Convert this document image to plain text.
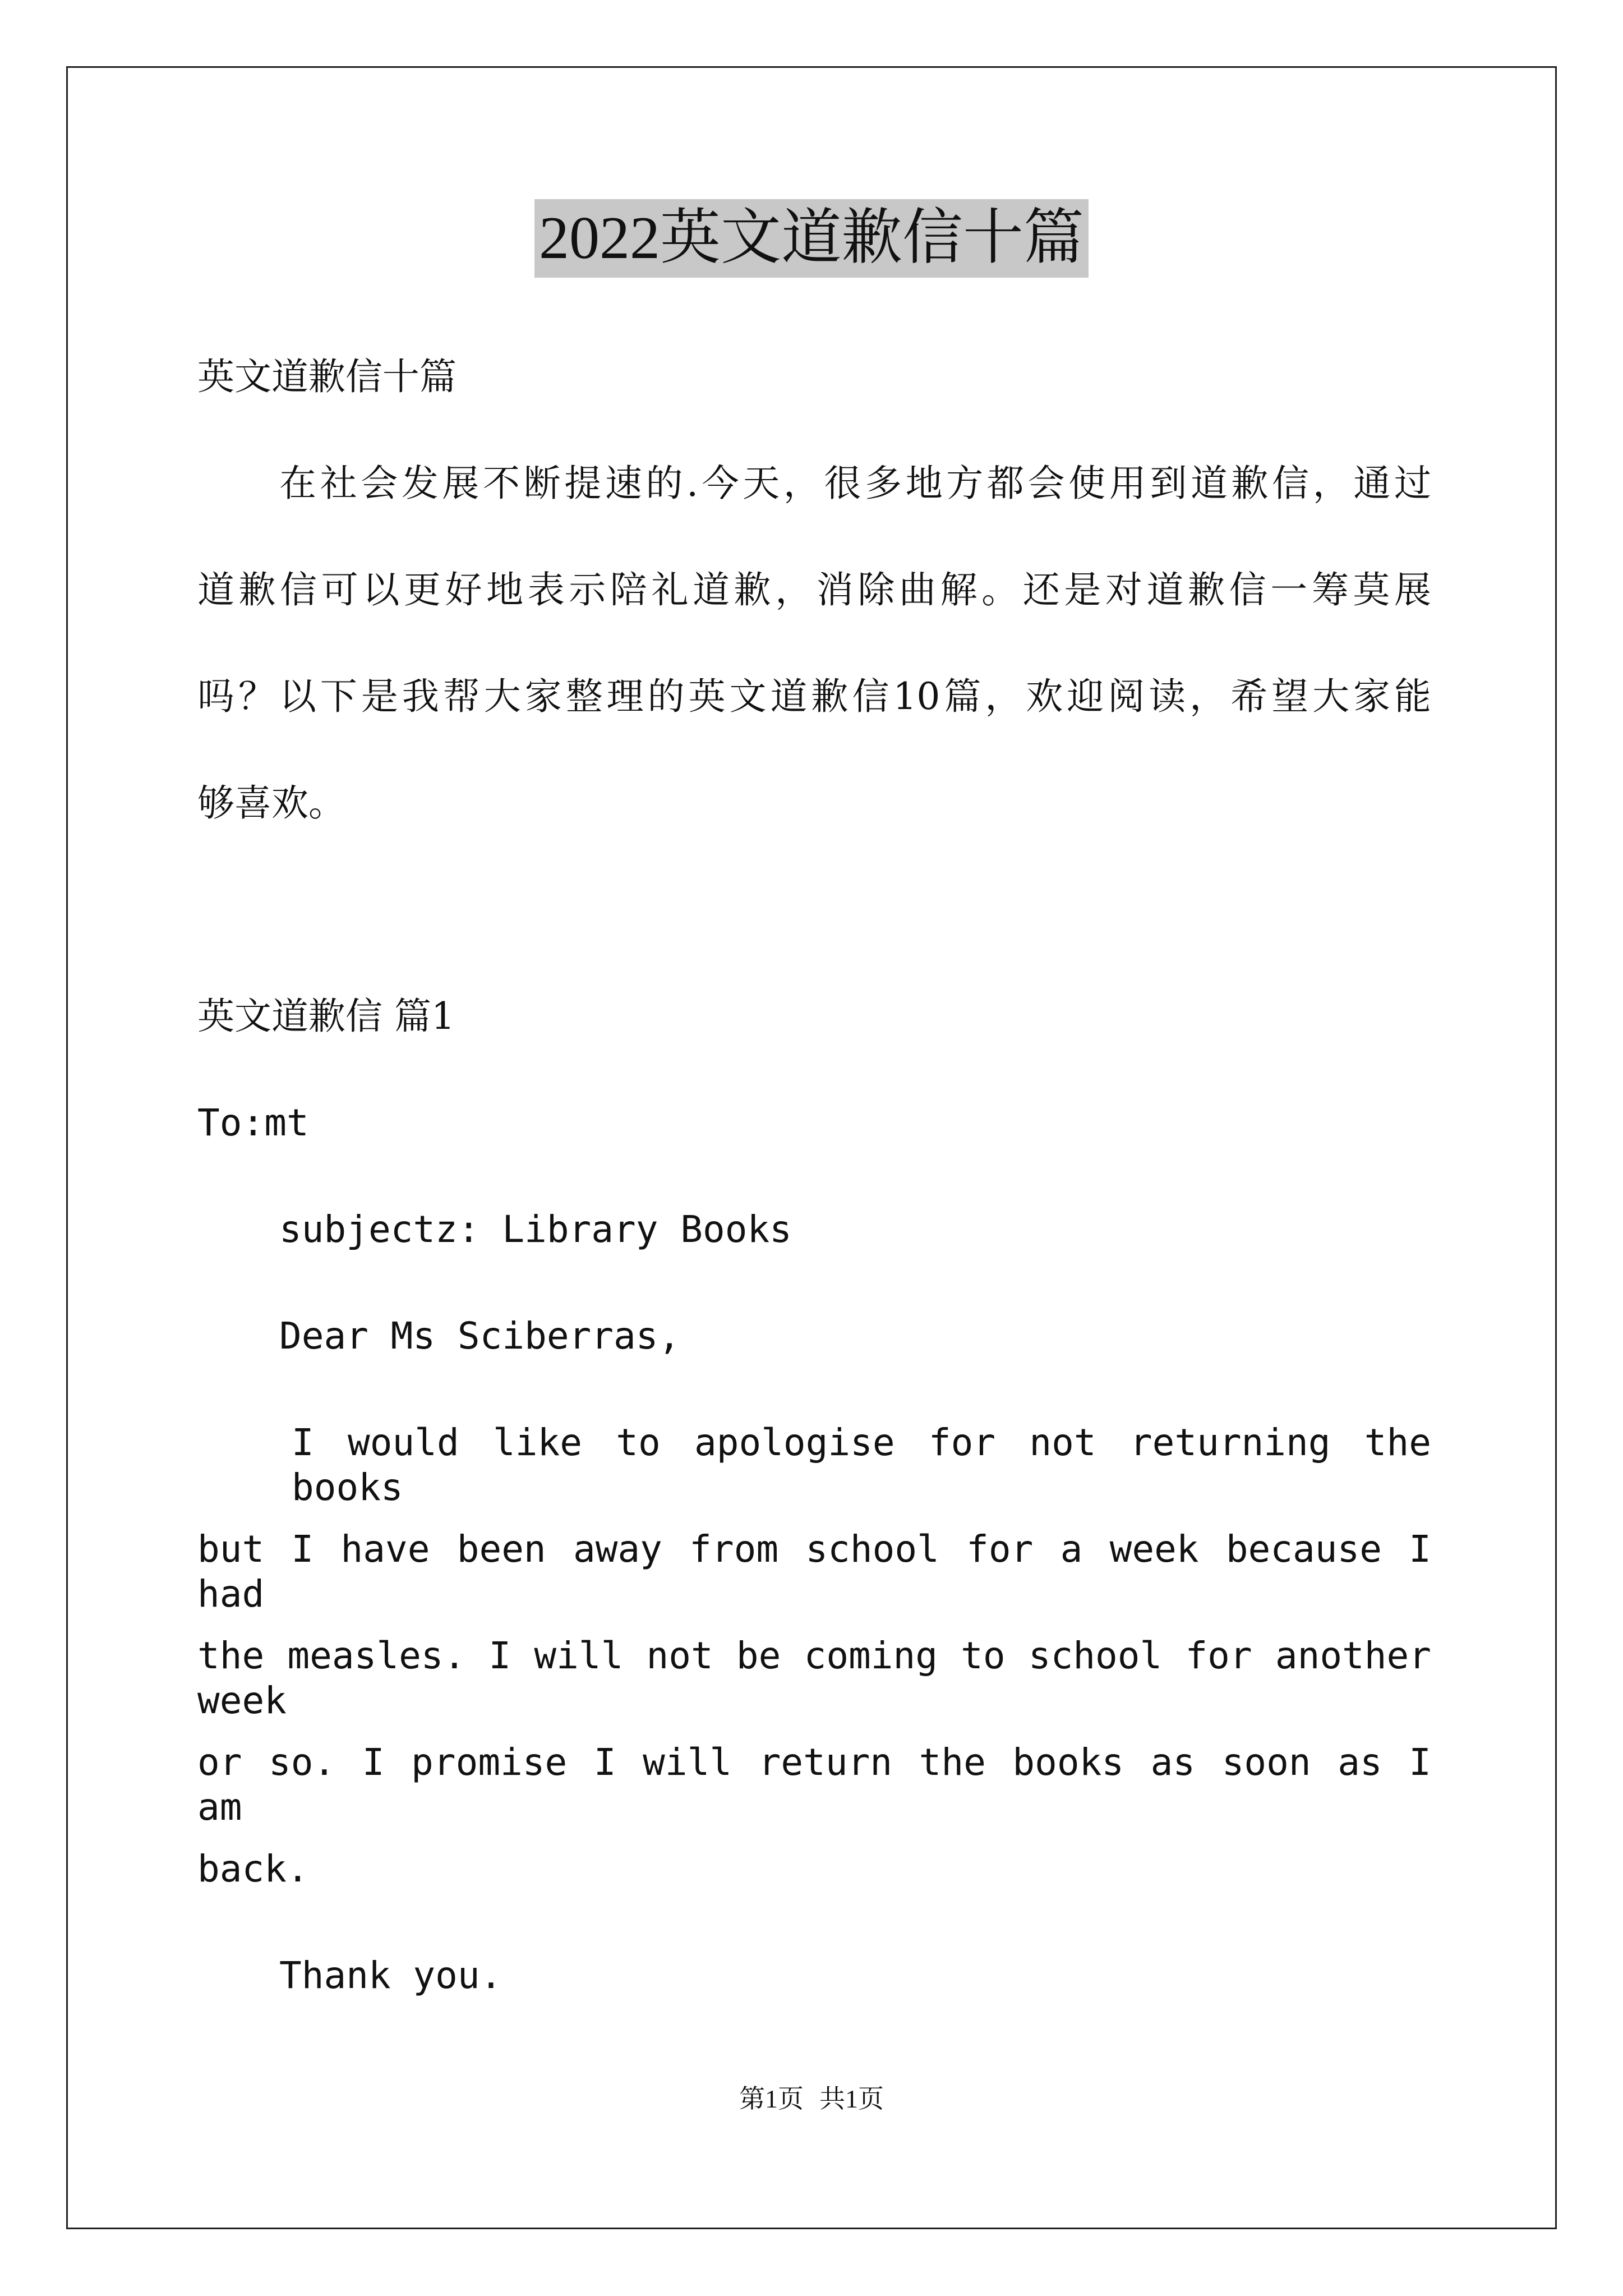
2022英文道歉信十篇
英文道歉信十篇
在社会发展不断提速的.今天，很多地方都会使用到道歉信，通过
道歉信可以更好地表示陪礼道歉，消除曲解。还是对道歉信一筹莫展
吗？以下是我帮大家整理的英文道歉信10篇，欢迎阅读，希望大家能
够喜欢。
英文道歉信 篇1
To:mt
subjectz: Library Books
Dear Ms Sciberras,
I would like to apologise for not returning the books
but I have been away from school for a week because I had
the measles. I will not be coming to school for another week
or so. I promise I will return the books as soon as I am
back.
Thank you.
第1页 共1页
